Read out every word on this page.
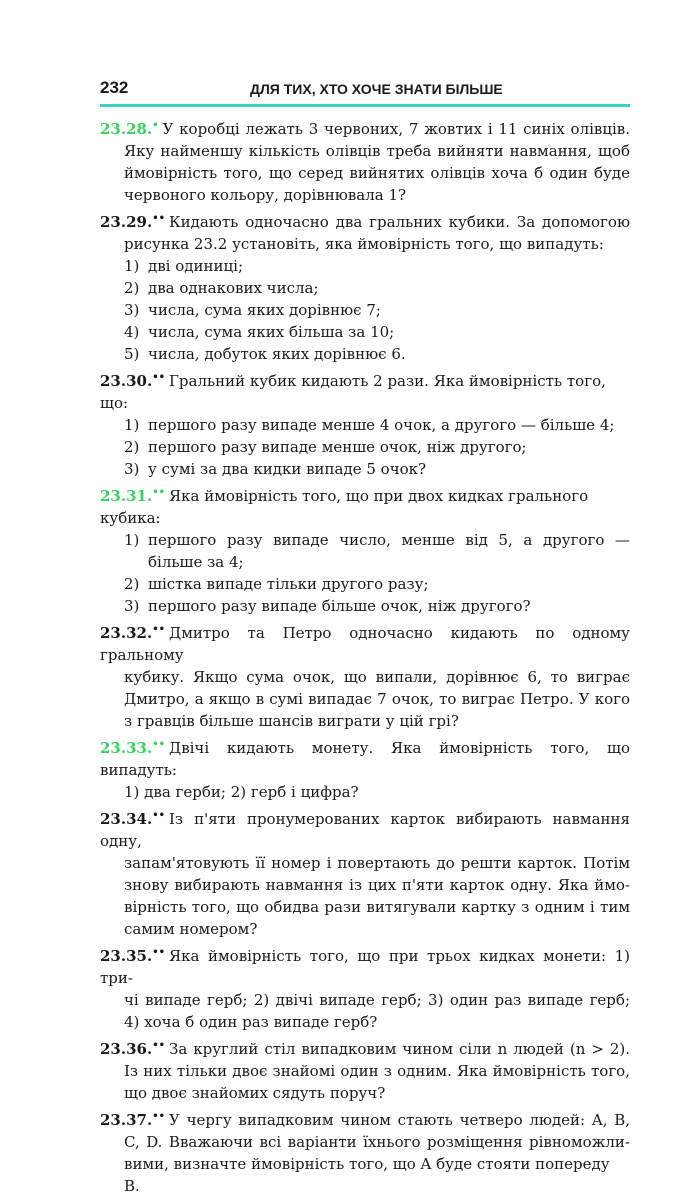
232	ДЛЯ ТИХ, ХТО ХОЧЕ ЗНАТИ БІЛЬШЕ
23.28.• У коробці лежать 3 червоних, 7 жовтих і 11 синіх олівців.
Яку найменшу кількість олівців треба вийняти навмання, щоб
ймовірність того, що серед вийнятих олівців хоча б один буде
червоного кольору, дорівнювала 1?
23.29.•• Кидають одночасно два гральних кубики. За допомогою
рисунка 23.2 установіть, яка ймовірність того, що випадуть:
1) дві одиниці;
2) два однакових числа;
3) числа, сума яких дорівнює 7;
4) числа, сума яких більша за 10;
5) числа, добуток яких дорівнює 6.
23.30.•• Гральний кубик кидають 2 рази. Яка ймовірність того, що:
1) першого разу випаде менше 4 очок, а другого — більше 4;
2) першого разу випаде менше очок, ніж другого;
3) у сумі за два кидки випаде 5 очок?
23.31.•• Яка ймовірність того, що при двох кидках грального кубика:
1) першого разу випаде число, менше від 5, а другого — більше за 4;
2) шістка випаде тільки другого разу;
3) першого разу випаде більше очок, ніж другого?
23.32.•• Дмитро та Петро одночасно кидають по одному гральному
кубику. Якщо сума очок, що випали, дорівнює 6, то виграє
Дмитро, а якщо в сумі випадає 7 очок, то виграє Петро. У кого
з гравців більше шансів виграти у цій грі?
23.33.•• Двічі кидають монету. Яка ймовірність того, що випадуть:
1) два герби; 2) герб і цифра?
23.34.•• Із п'яти пронумерованих карток вибирають навмання одну,
запам'ятовують її номер і повертають до решти карток. Потім
знову вибирають навмання із цих п'яти карток одну. Яка ймо-
вірність того, що обидва рази витягували картку з одним і тим
самим номером?
23.35.•• Яка ймовірність того, що при трьох кидках монети: 1) три-
чі випаде герб; 2) двічі випаде герб; 3) один раз випаде герб;
4) хоча б один раз випаде герб?
23.36.•• За круглий стіл випадковим чином сіли n людей (n > 2).
Із них тільки двоє знайомі один з одним. Яка ймовірність того,
що двоє знайомих сядуть поруч?
23.37.•• У чергу випадковим чином стають четверо людей: A, B,
C, D. Вважаючи всі варіанти їхнього розміщення рівноможли-
вими, визначте ймовірність того, що A буде стояти попереду B.
